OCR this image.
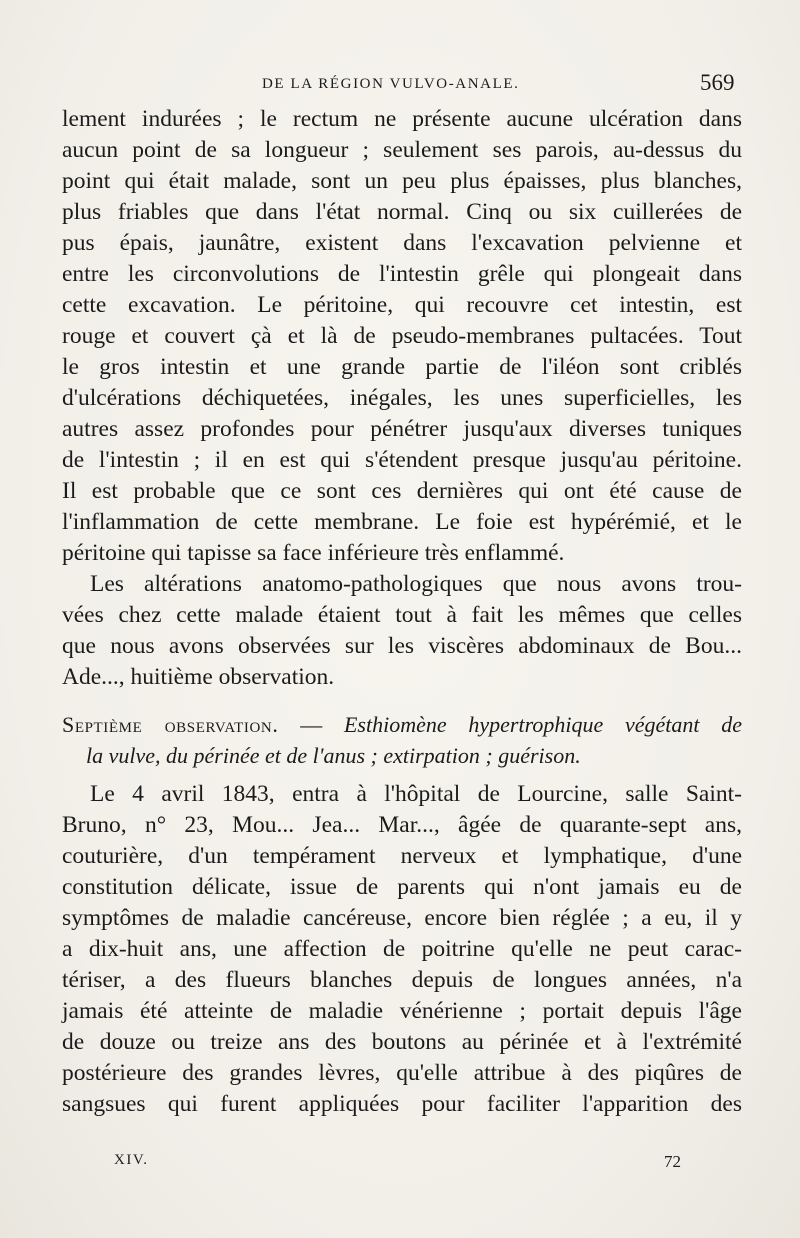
DE LA RÉGION VULVO-ANALE.	569
lement indurées ; le rectum ne présente aucune ulcération dans
aucun point de sa longueur ; seulement ses parois, au-dessus du
point qui était malade, sont un peu plus épaisses, plus blanches,
plus friables que dans l'état normal. Cinq ou six cuillerées de
pus épais, jaunâtre, existent dans l'excavation pelvienne et
entre les circonvolutions de l'intestin grêle qui plongeait dans
cette excavation. Le péritoine, qui recouvre cet intestin, est
rouge et couvert çà et là de pseudo-membranes pultacées. Tout
le gros intestin et une grande partie de l'iléon sont criblés
d'ulcérations déchiquetées, inégales, les unes superficielles, les
autres assez profondes pour pénétrer jusqu'aux diverses tuniques
de l'intestin ; il en est qui s'étendent presque jusqu'au péritoine.
Il est probable que ce sont ces dernières qui ont été cause de
l'inflammation de cette membrane. Le foie est hypérémié, et le
péritoine qui tapisse sa face inférieure très enflammé.
Les altérations anatomo-pathologiques que nous avons trou-
vées chez cette malade étaient tout à fait les mêmes que celles
que nous avons observées sur les viscères abdominaux de Bou...
Ade..., huitième observation.
Septième observation. — Esthiomène hypertrophique végétant de
la vulve, du périnée et de l'anus ; extirpation ; guérison.
Le 4 avril 1843, entra à l'hôpital de Lourcine, salle Saint-
Bruno, n° 23, Mou... Jea... Mar..., âgée de quarante-sept ans,
couturière, d'un tempérament nerveux et lymphatique, d'une
constitution délicate, issue de parents qui n'ont jamais eu de
symptômes de maladie cancéreuse, encore bien réglée ; a eu, il y
a dix-huit ans, une affection de poitrine qu'elle ne peut carac-
tériser, a des flueurs blanches depuis de longues années, n'a
jamais été atteinte de maladie vénérienne ; portait depuis l'âge
de douze ou treize ans des boutons au périnée et à l'extrémité
postérieure des grandes lèvres, qu'elle attribue à des piqûres de
sangsues qui furent appliquées pour faciliter l'apparition des
XIV.	72
